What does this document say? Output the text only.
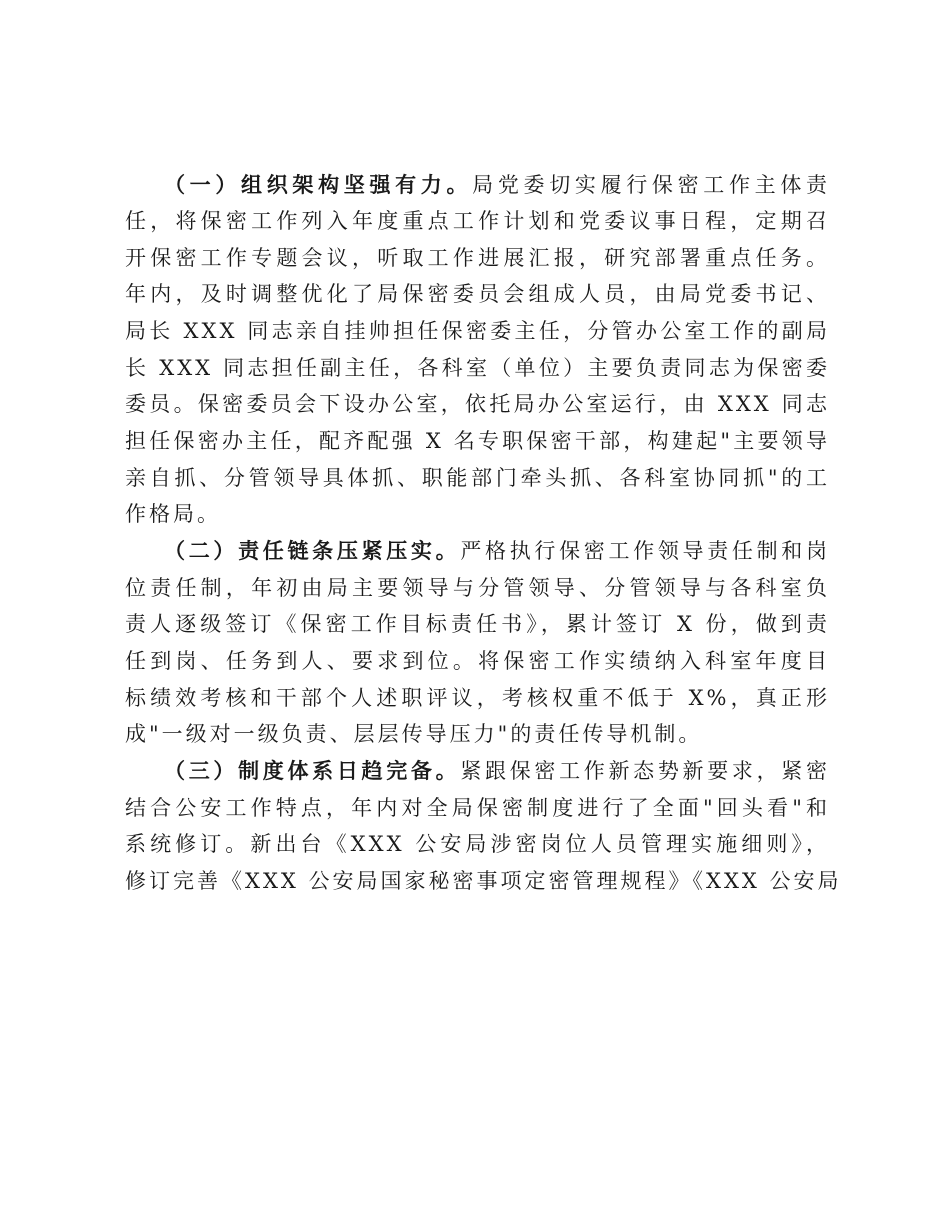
（一）组织架构坚强有力。局党委切实履行保密工作主体责
任，将保密工作列入年度重点工作计划和党委议事日程，定期召
开保密工作专题会议，听取工作进展汇报，研究部署重点任务。
年内，及时调整优化了局保密委员会组成人员，由局党委书记、
局长 XXX 同志亲自挂帅担任保密委主任，分管办公室工作的副局
长 XXX 同志担任副主任，各科室（单位）主要负责同志为保密委
委员。保密委员会下设办公室，依托局办公室运行，由 XXX 同志
担任保密办主任，配齐配强 X 名专职保密干部，构建起"主要领导
亲自抓、分管领导具体抓、职能部门牵头抓、各科室协同抓"的工
作格局。
（二）责任链条压紧压实。严格执行保密工作领导责任制和岗
位责任制，年初由局主要领导与分管领导、分管领导与各科室负
责人逐级签订《保密工作目标责任书》，累计签订 X 份，做到责
任到岗、任务到人、要求到位。将保密工作实绩纳入科室年度目
标绩效考核和干部个人述职评议，考核权重不低于 X%，真正形
成"一级对一级负责、层层传导压力"的责任传导机制。
（三）制度体系日趋完备。紧跟保密工作新态势新要求，紧密
结合公安工作特点，年内对全局保密制度进行了全面"回头看"和
系统修订。新出台《XXX 公安局涉密岗位人员管理实施细则》，
修订完善《XXX 公安局国家秘密事项定密管理规程》《XXX 公安局
